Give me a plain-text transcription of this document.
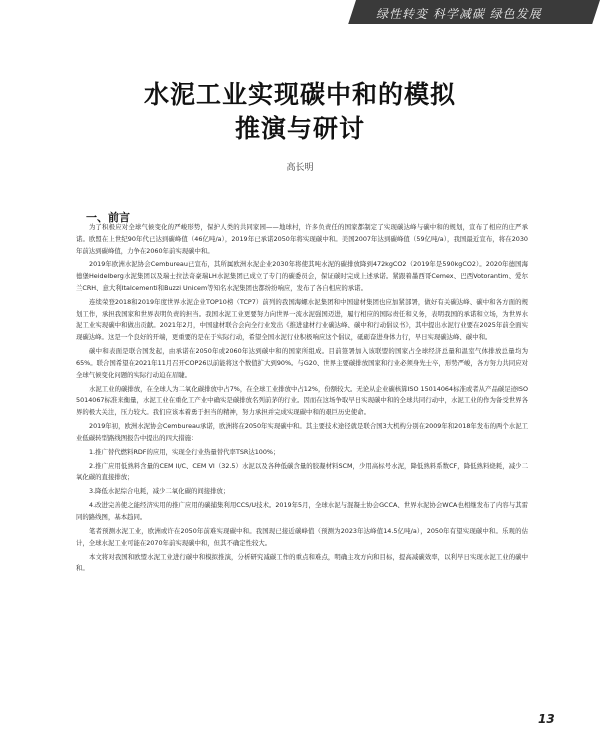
绿性转变 科学减碳 绿色发展
水泥工业实现碳中和的模拟
推演与研讨
高长明
一、前言

为了积极应对全球气候变化的严峻形势，保护人类的共同家园——地球村，许多负责任的国家都制定了实现碳达峰与碳中和的规划，宣布了相应的庄严承诺。欧盟在上世纪90年代已达到碳峰值（46亿吨/a），2019年已承诺2050年将实现碳中和。美国2007年达到碳峰值（59亿吨/a），我国最近宣布，将在2030年前达到碳峰值，力争在2060年前实现碳中和。

2019年欧洲水泥协会Cembureau已宣布，其所属欧洲水泥企业2030年将使其吨水泥的碳排放降到472kgCO2（2019年是590kgCO2）。2020年德国海德堡Heidelberg水泥集团以及瑞士拉法奇豪瑞LH水泥集团已成立了专门的碳委员会，保证碳时完成上述承诺。紧跟着墨西哥Cemex、巴西Votorantim、爱尔兰CRH、意大利Italcementi和Buzzi Unicem等知名水泥集团也都纷纷响应，发布了各自相应的承诺。

连续荣登2018和2019年度世界水泥企业TOP10榜（TCP7）前列的我国海螺水泥集团和中国建材集团也应加紧部署，做好有关碳达峰、碳中和各方面的规划工作，承担我国家和世界表明负责的担当。我国水泥工业更要努力向世界一流水泥强国迈进，履行相应的国际责任和义务，表明我国的承诺和立场，为世界水泥工业实现碳中和做出贡献。2021年2月，中国建材联合会向全行业发出《推进建材行业碳达峰、碳中和行动倡议书》，其中提出水泥行业要在2025年前全面实现碳达峰。这是一个良好的开端，更重要的是在于实际行动，希望全国水泥行业积极响应这个倡议，砥砺奋进身体力行，早日实现碳达峰、碳中和。

碳中和表面是联合国发起，由承诺在2050年或2060年达到碳中和的国家所组成。目前签署加入该联盟的国家占全球经济总量和温室气体排放总量均为65%。联合国希望在2021年11月召开COP26以前能将这个数值扩大到90%。与G20、世界主要碳排放国家和行业必须身先士卒，形势严峻，各方努力共同应对全球气候变化问题的实际行动迫在眉睫。

水泥工业的碳排放，在全球人为二氧化碳排放中占7%，在全球工业排放中占12%，份额较大。无论从企业碳核算ISO 15014064标准或者从产品碳足迹ISO 5014067标准来衡量，水泥工业在重化工产业中确实是碳排放名列前茅的行业。因而在这场争取早日实现碳中和的全球共同行动中，水泥工业的作为备受世界各界的极大关注，压力较大。我们应该本着勇于担当的精神，努力承担并完成实现碳中和的艰巨历史使命。

2019年初，欧洲水泥协会Cembureau承诺，欧洲将在2050年实现碳中和。其主要技术途径就是联合国3大机构分别在2009年和2018年发布的两个水泥工业低碳转型路线图报告中提出的四大措施：

1.推广替代燃料RDF的应用，实现全行业热量替代率TSR达100%；

2.推广应用低熟料含量的CEM II/C、CEM VI（32.5）水泥以及各种低碳含量的胶凝材料SCM，少用高标号水泥，降低熟料系数CF，降低熟料烧耗，减少二氧化碳的直接排放；

3.降低水泥综合电耗，减少二氧化碳的间接排放；

4.改进完善使之能经济实用的推广应用的碳捕集利用CCS/U技术。2019年5月，全球水泥与混凝土协会GCCA、世界水泥协会WCA也相继发布了内容与其雷同的路线图，基本趋同。

笔者预测水泥工业，欧洲或许在2050年前难实现碳中和。我国现已接近碳峰值（预测为2023年达峰值14.5亿吨/a），2050年有望实现碳中和。乐观的估计，全球水泥工业可能在2070年前实现碳中和，但其不确定性较大。

本文将对我国和欧盟水泥工业进行碳中和模拟推演，分析研究减碳工作的重点和难点，明确主攻方向和目标，提高减碳效率，以利早日实现水泥工业的碳中和。

13
